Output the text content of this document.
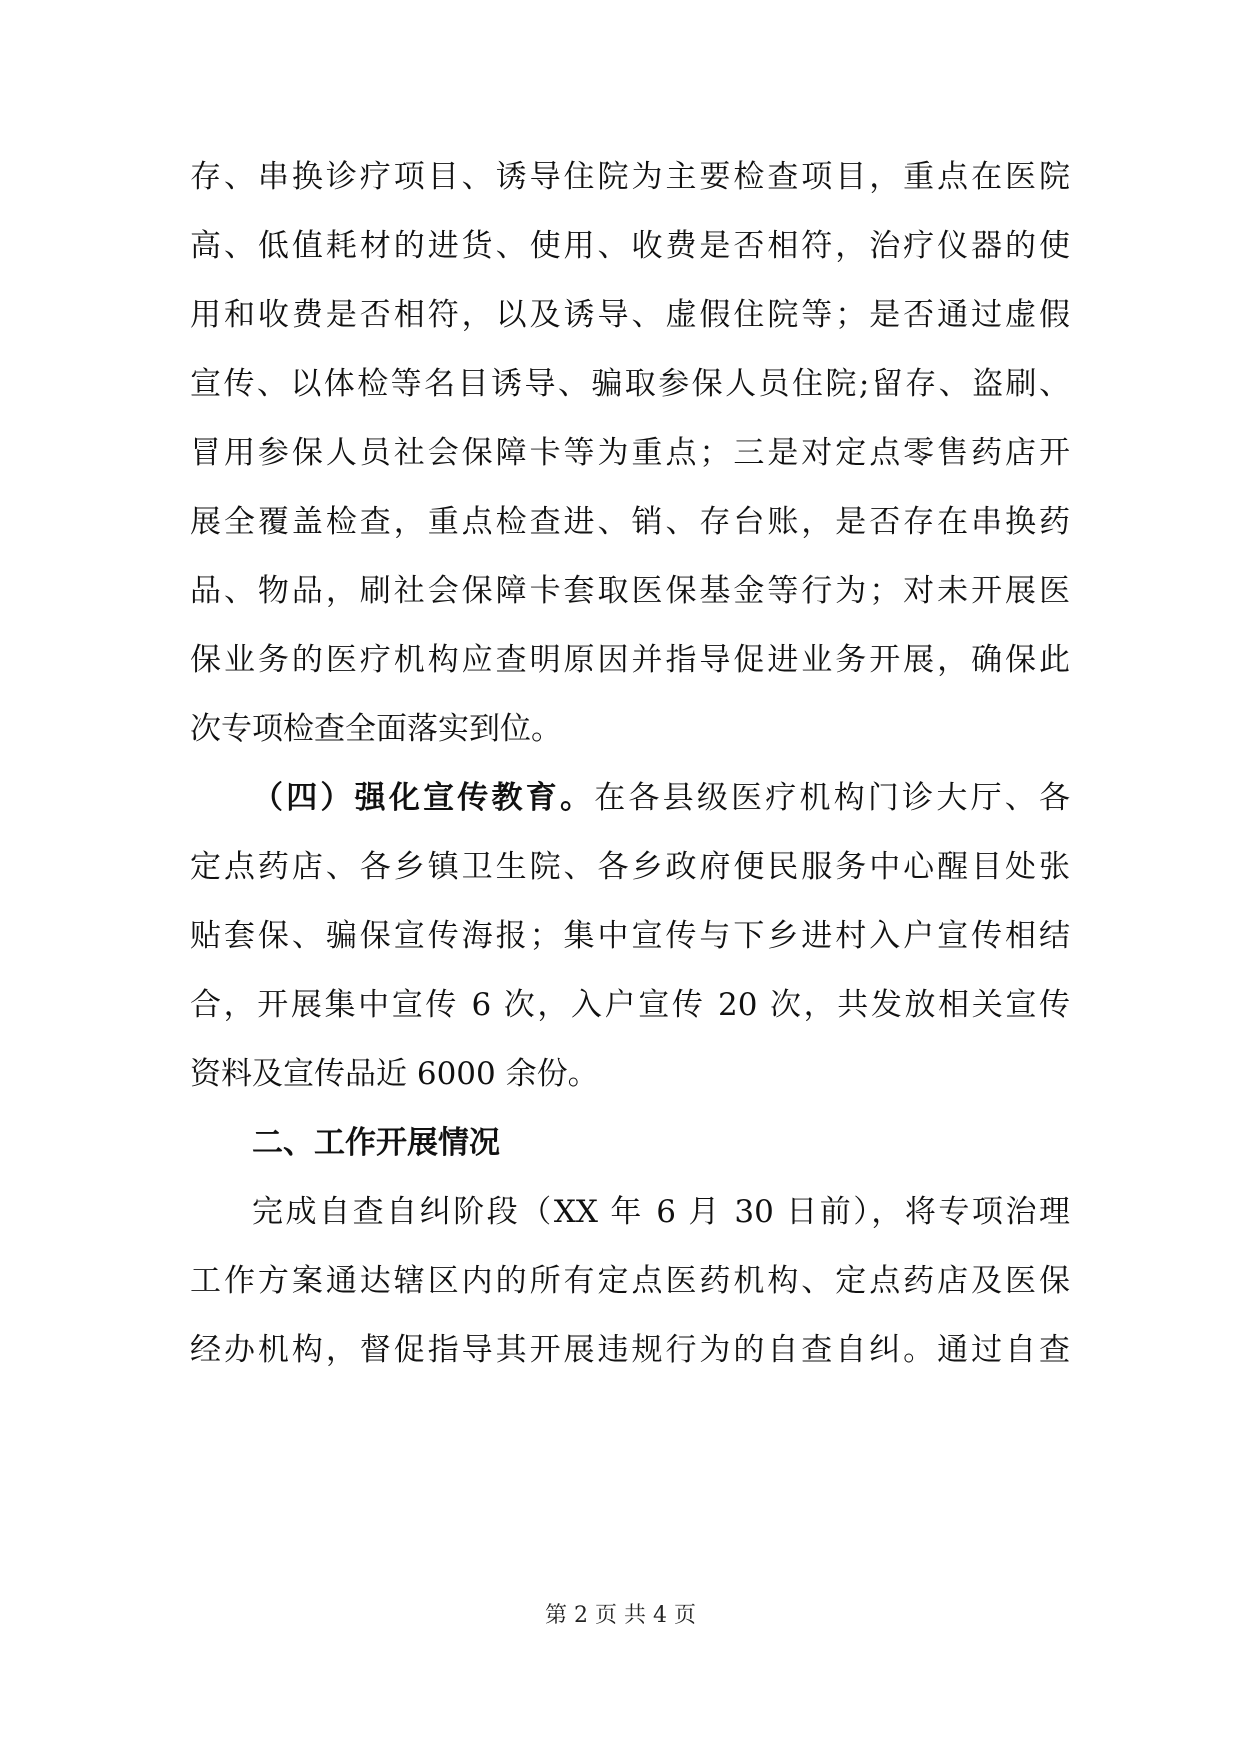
存、串换诊疗项目、诱导住院为主要检查项目，重点在医院
高、低值耗材的进货、使用、收费是否相符，治疗仪器的使
用和收费是否相符，以及诱导、虚假住院等；是否通过虚假
宣传、以体检等名目诱导、骗取参保人员住院;留存、盗刷、
冒用参保人员社会保障卡等为重点；三是对定点零售药店开
展全覆盖检查，重点检查进、销、存台账，是否存在串换药
品、物品，刷社会保障卡套取医保基金等行为；对未开展医
保业务的医疗机构应查明原因并指导促进业务开展，确保此
次专项检查全面落实到位。
（四）强化宣传教育。在各县级医疗机构门诊大厅、各
定点药店、各乡镇卫生院、各乡政府便民服务中心醒目处张
贴套保、骗保宣传海报；集中宣传与下乡进村入户宣传相结
合，开展集中宣传 6 次，入户宣传 20 次，共发放相关宣传
资料及宣传品近 6000 余份。
二、工作开展情况
完成自查自纠阶段（XX 年 6 月 30 日前），将专项治理
工作方案通达辖区内的所有定点医药机构、定点药店及医保
经办机构，督促指导其开展违规行为的自查自纠。通过自查
第 2 页 共 4 页
